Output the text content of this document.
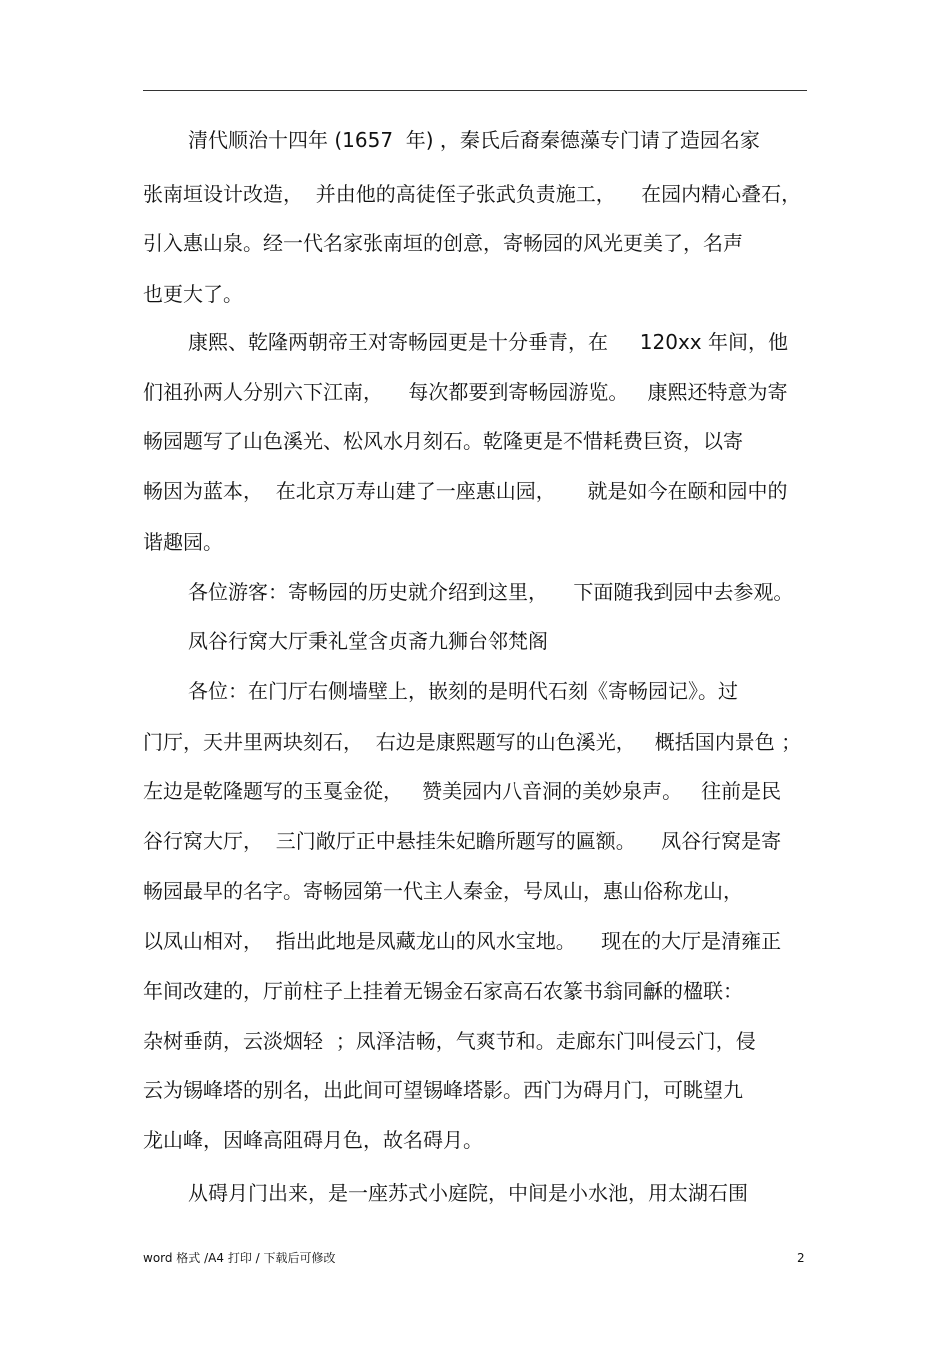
清代顺治十四年 (1657  年) ，秦氏后裔秦德藻专门请了造园名家
张南垣设计改造，  并由他的高徒侄子张武负责施工，    在园内精心叠石，
引入惠山泉。经一代名家张南垣的创意，寄畅园的风光更美了，名声
也更大了。
康熙、乾隆两朝帝王对寄畅园更是十分垂青，在     120xx 年间，他
们祖孙两人分别六下江南，    每次都要到寄畅园游览。   康熙还特意为寄
畅园题写了山色溪光、松风水月刻石。乾隆更是不惜耗费巨资，以寄
畅因为蓝本，  在北京万寿山建了一座惠山园，     就是如今在颐和园中的
谐趣园。
各位游客：寄畅园的历史就介绍到这里，    下面随我到园中去参观。
凤谷行窝大厅秉礼堂含贞斋九狮台邻梵阁
各位：在门厅右侧墙壁上，嵌刻的是明代石刻《寄畅园记》。过
门厅，天井里两块刻石，  右边是康熙题写的山色溪光，   概括国内景色 ；
左边是乾隆题写的玉戛金從，   赞美园内八音洞的美妙泉声。   往前是民
谷行窝大厅，  三门敞厅正中悬挂朱妃瞻所题写的匾额。    凤谷行窝是寄
畅园最早的名字。寄畅园第一代主人秦金，号凤山，惠山俗称龙山，
以凤山相对，  指出此地是凤藏龙山的风水宝地。    现在的大厅是清雍正
年间改建的，厅前柱子上挂着无锡金石家高石农篆书翁同龢的楹联：
杂树垂荫，云淡烟轻  ；凤泽洁畅，气爽节和。走廊东门叫侵云门，侵
云为锡峰塔的别名，出此间可望锡峰塔影。西门为碍月门，可眺望九
龙山峰，因峰高阻碍月色，故名碍月。
从碍月门出来，是一座苏式小庭院，中间是小水池，用太湖石围
word 格式 /A4 打印 / 下载后可修改	2
